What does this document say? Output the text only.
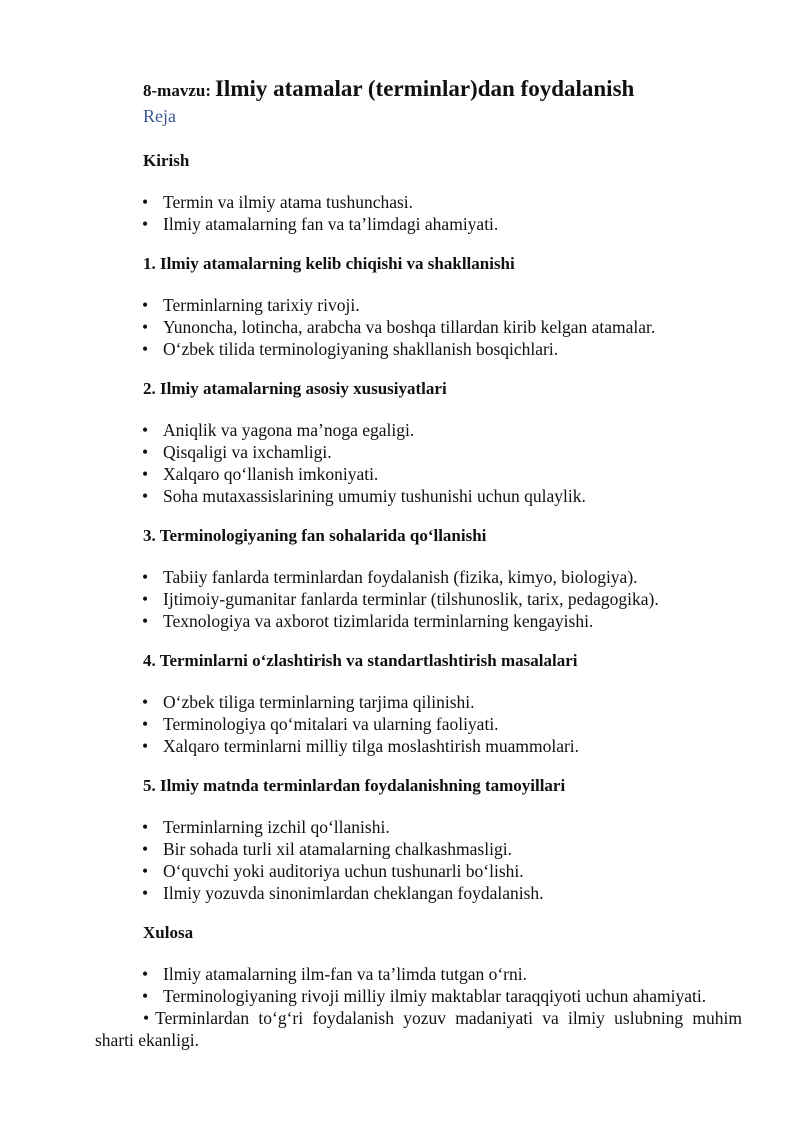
8-mavzu: Ilmiy atamalar (terminlar)dan foydalanish
Reja
Kirish
• Termin va ilmiy atama tushunchasi.
• Ilmiy atamalarning fan va ta’limdagi ahamiyati.
1. Ilmiy atamalarning kelib chiqishi va shakllanishi
• Terminlarning tarixiy rivoji.
• Yunoncha, lotincha, arabcha va boshqa tillardan kirib kelgan atamalar.
• O‘zbek tilida terminologiyaning shakllanish bosqichlari.
2. Ilmiy atamalarning asosiy xususiyatlari
• Aniqlik va yagona ma’noga egaligi.
• Qisqaligi va ixchamligi.
• Xalqaro qo‘llanish imkoniyati.
• Soha mutaxassislarining umumiy tushunishi uchun qulaylik.
3. Terminologiyaning fan sohalarida qo‘llanishi
• Tabiiy fanlarda terminlardan foydalanish (fizika, kimyo, biologiya).
• Ijtimoiy-gumanitar fanlarda terminlar (tilshunoslik, tarix, pedagogika).
• Texnologiya va axborot tizimlarida terminlarning kengayishi.
4. Terminlarni o‘zlashtirish va standartlashtirish masalalari
• O‘zbek tiliga terminlarning tarjima qilinishi.
• Terminologiya qo‘mitalari va ularning faoliyati.
• Xalqaro terminlarni milliy tilga moslashtirish muammolari.
5. Ilmiy matnda terminlardan foydalanishning tamoyillari
• Terminlarning izchil qo‘llanishi.
• Bir sohada turli xil atamalarning chalkashmasligi.
• O‘quvchi yoki auditoriya uchun tushunarli bo‘lishi.
• Ilmiy yozuvda sinonimlardan cheklangan foydalanish.
Xulosa
• Ilmiy atamalarning ilm-fan va ta’limda tutgan o‘rni.
• Terminologiyaning rivoji milliy ilmiy maktablar taraqqiyoti uchun ahamiyati.
• Terminlardan to‘g‘ri foydalanish yozuv madaniyati va ilmiy uslubning muhim sharti ekanligi.
